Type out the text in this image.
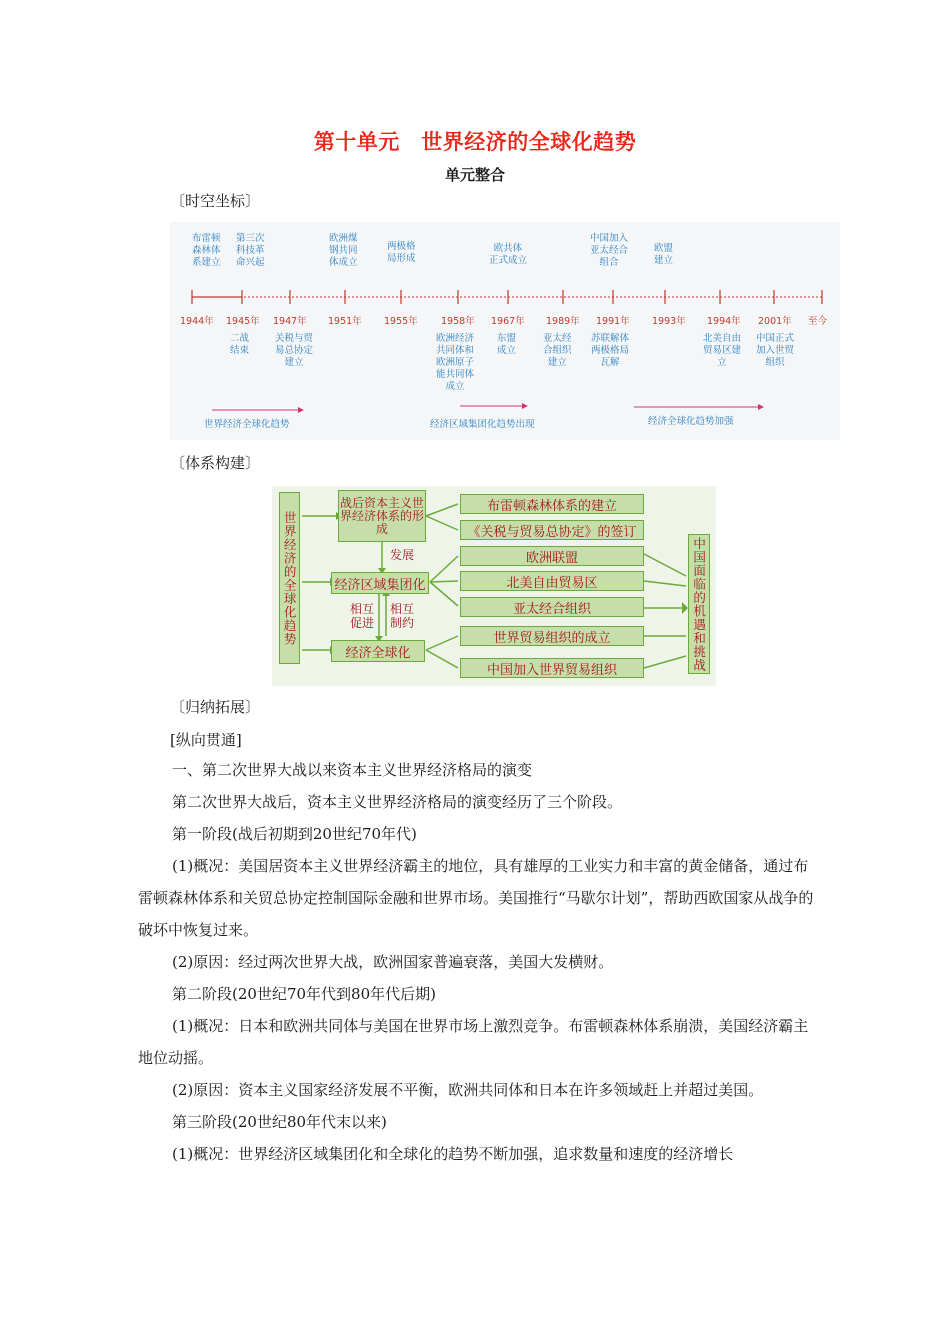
第十单元　世界经济的全球化趋势
单元整合
〔时空坐标〕
1944年 1945年 1947年 1951年 1955年 1958年 1967年 1989年 1991年 1993年 1994年 2001年 至今
布雷顿
森林体
系建立
第三次
科技革
命兴起
欧洲煤
钢共同
体成立
两极格
局形成
欧共体
正式成立
中国加入
亚太经合
组合
欧盟
建立
二战
结束
关税与贸
易总协定
建立
欧洲经济
共同体和
欧洲原子
能共同体
成立
东盟
成立
亚太经
合组织
建立
苏联解体
两极格局
瓦解
北美自由
贸易区建
立
中国正式
加入世贸
组织
世界经济全球化趋势	经济区域集团化趋势出现	经济全球化趋势加强
〔体系构建〕
世界经济的全球化趋势
战后资本主义世界经济体系的形成
发展
经济区域集团化
相互
促进
相互
制约
经济全球化
布雷顿森林体系的建立
《关税与贸易总协定》的签订
欧洲联盟
北美自由贸易区
亚太经合组织
世界贸易组织的成立
中国加入世界贸易组织	中国面临的机遇和挑战
〔归纳拓展〕
[纵向贯通]

一、第二次世界大战以来资本主义世界经济格局的演变

第二次世界大战后，资本主义世界经济格局的演变经历了三个阶段。

第一阶段(战后初期到20世纪70年代)

(1)概况：美国居资本主义世界经济霸主的地位，具有雄厚的工业实力和丰富的黄金储备，通过布雷顿森林体系和关贸总协定控制国际金融和世界市场。美国推行“马歇尔计划”，帮助西欧国家从战争的破坏中恢复过来。

(2)原因：经过两次世界大战，欧洲国家普遍衰落，美国大发横财。

第二阶段(20世纪70年代到80年代后期)

(1)概况：日本和欧洲共同体与美国在世界市场上激烈竞争。布雷顿森林体系崩溃，美国经济霸主地位动摇。

(2)原因：资本主义国家经济发展不平衡，欧洲共同体和日本在许多领域赶上并超过美国。

第三阶段(20世纪80年代末以来)

(1)概况：世界经济区域集团化和全球化的趋势不断加强，追求数量和速度的经济增长
